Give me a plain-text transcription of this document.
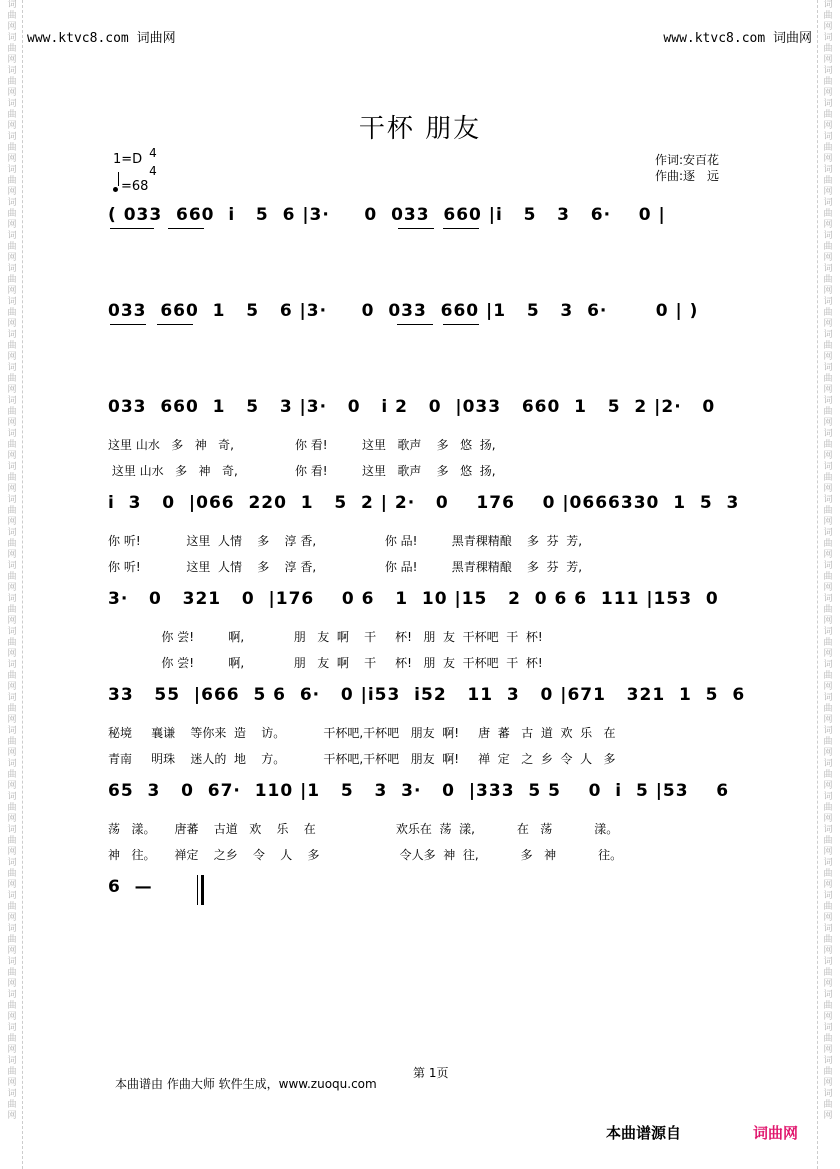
词
曲
网
词
曲
网
词
曲
网
词
曲
网
词
曲
网
词
曲
网
词
曲
网
词
曲
网
词
曲
网
词
曲
网
词
曲
网
词
曲
网
词
曲
网
词
曲
网
词
曲
网
词
曲
网
词
曲
网
词
曲
网
词
曲
网
词
曲
网
词
曲
网
词
曲
网
词
曲
网
词
曲
网
词
曲
网
词
曲
网
词
曲
网
词
曲
网
词
曲
网
词
曲
网
词
曲
网
词
曲
网
词
曲
网
词
曲
网
词
曲
网
词
曲
网
词
曲
网
词
曲
网
词
曲
网
词
曲
网
词
曲
网
词
曲
网
词
曲
网
词
曲
网
词
曲
网
词
曲
网
词
曲
网
词
曲
网
词
曲
网
词
曲
网
词
曲
网
词
曲
网
词
曲
网
词
曲
网
词
曲
网
词
曲
网
词
曲
网
词
曲
网
词
曲
网
词
曲
网
词
曲
网
词
曲
网
词
曲
网
词
曲
网
词
曲
网
词
曲
网
词
曲
网
词
曲
网
www.ktvc8.com 词曲网	www.ktvc8.com 词曲网
干杯 朋友
1=D 4
4
=68
作词:安百花
作曲:逐　远
( 033  660  i   5  6 |3·     0  033  660 |i   5   3   6·    0 |
033  660  1   5   6 |3·     0  033  660 |1   5   3  6·       0 | )
033  660  1   5   3 |3·   0   i 2   0  |033   660  1   5  2 |2·   0
这里 山水   多   神   奇,                你 看!         这里   歌声    多   悠  扬,
这里 山水   多   神   奇,               你 看!         这里   歌声    多   悠  扬,
i  3   0  |066  220  1   5  2 | 2·   0    176    0 |0666330  1  5  3
你 听!            这里  人情    多    淳 香,                  你 品!         黑青稞精酿    多  芬  芳,
你 听!            这里  人情    多    淳 香,                  你 品!         黑青稞精酿    多  芬  芳,
3·   0   321   0  |176    0 6   1  10 |15   2  0 6 6  111 |153  0
你 尝!         啊,             朋   友  啊    干     杯!   朋  友  干杯吧  干  杯!
你 尝!         啊,             朋   友  啊    干     杯!   朋  友  干杯吧  干  杯!
33   55  |666  5 6  6·   0 |i53  i52   11  3   0 |671   321  1  5  6
秘境     襄谦    等你来  造    访。          干杯吧,干杯吧   朋友  啊!     唐  蕃   古  道  欢  乐   在
青南     明珠    迷人的  地    方。          干杯吧,干杯吧   朋友  啊!     禅  定   之  乡  令  人   多
65  3   0  67·  110 |1   5   3  3·   0  |333  5 5    0  i  5 |53    6
荡   漾。     唐蕃    古道   欢    乐    在                     欢乐在  荡  漾,           在   荡           漾。
神   往。     禅定    之乡    令    人    多                     令人多  神  往,           多   神           往。
6  —
第 1页
本曲谱由 作曲大师 软件生成，www.zuoqu.com
本曲谱源自	词曲网
